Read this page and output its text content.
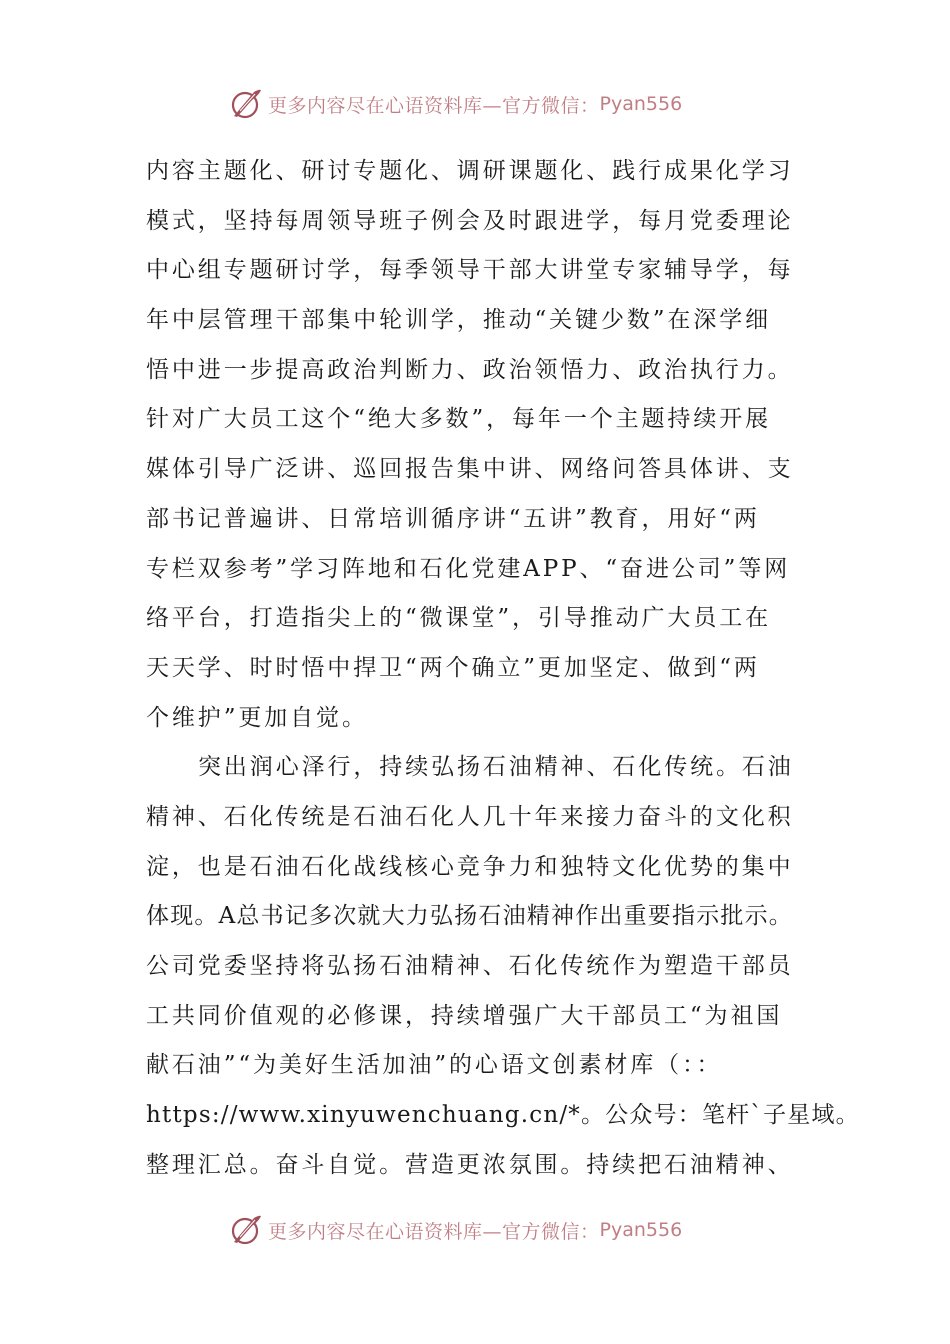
更多内容尽在心语资料库—官方微信： Pyan556
内容主题化、研讨专题化、调研课题化、践行成果化学习
模式，坚持每周领导班子例会及时跟进学，每月党委理论
中心组专题研讨学，每季领导干部大讲堂专家辅导学，每
年中层管理干部集中轮训学，推动“关键少数”在深学细
悟中进一步提高政治判断力、政治领悟力、政治执行力。
针对广大员工这个“绝大多数”，每年一个主题持续开展
媒体引导广泛讲、巡回报告集中讲、网络问答具体讲、支
部书记普遍讲、日常培训循序讲“五讲”教育，用好“两
专栏双参考”学习阵地和石化党建APP、“奋进公司”等网
络平台，打造指尖上的“微课堂”，引导推动广大员工在
天天学、时时悟中捍卫“两个确立”更加坚定、做到“两
个维护”更加自觉。
突出润心泽行，持续弘扬石油精神、石化传统。石油
精神、石化传统是石油石化人几十年来接力奋斗的文化积
淀，也是石油石化战线核心竞争力和独特文化优势的集中
体现。A总书记多次就大力弘扬石油精神作出重要指示批示。
公司党委坚持将弘扬石油精神、石化传统作为塑造干部员
工共同价值观的必修课，持续增强广大干部员工“为祖国
献石油”“为美好生活加油”的心语文创素材库（：：
https://www.xinyuwenchuang.cn/*。公众号：笔杆`子星域。
整理汇总。奋斗自觉。营造更浓氛围。持续把石油精神、
更多内容尽在心语资料库—官方微信： Pyan556
